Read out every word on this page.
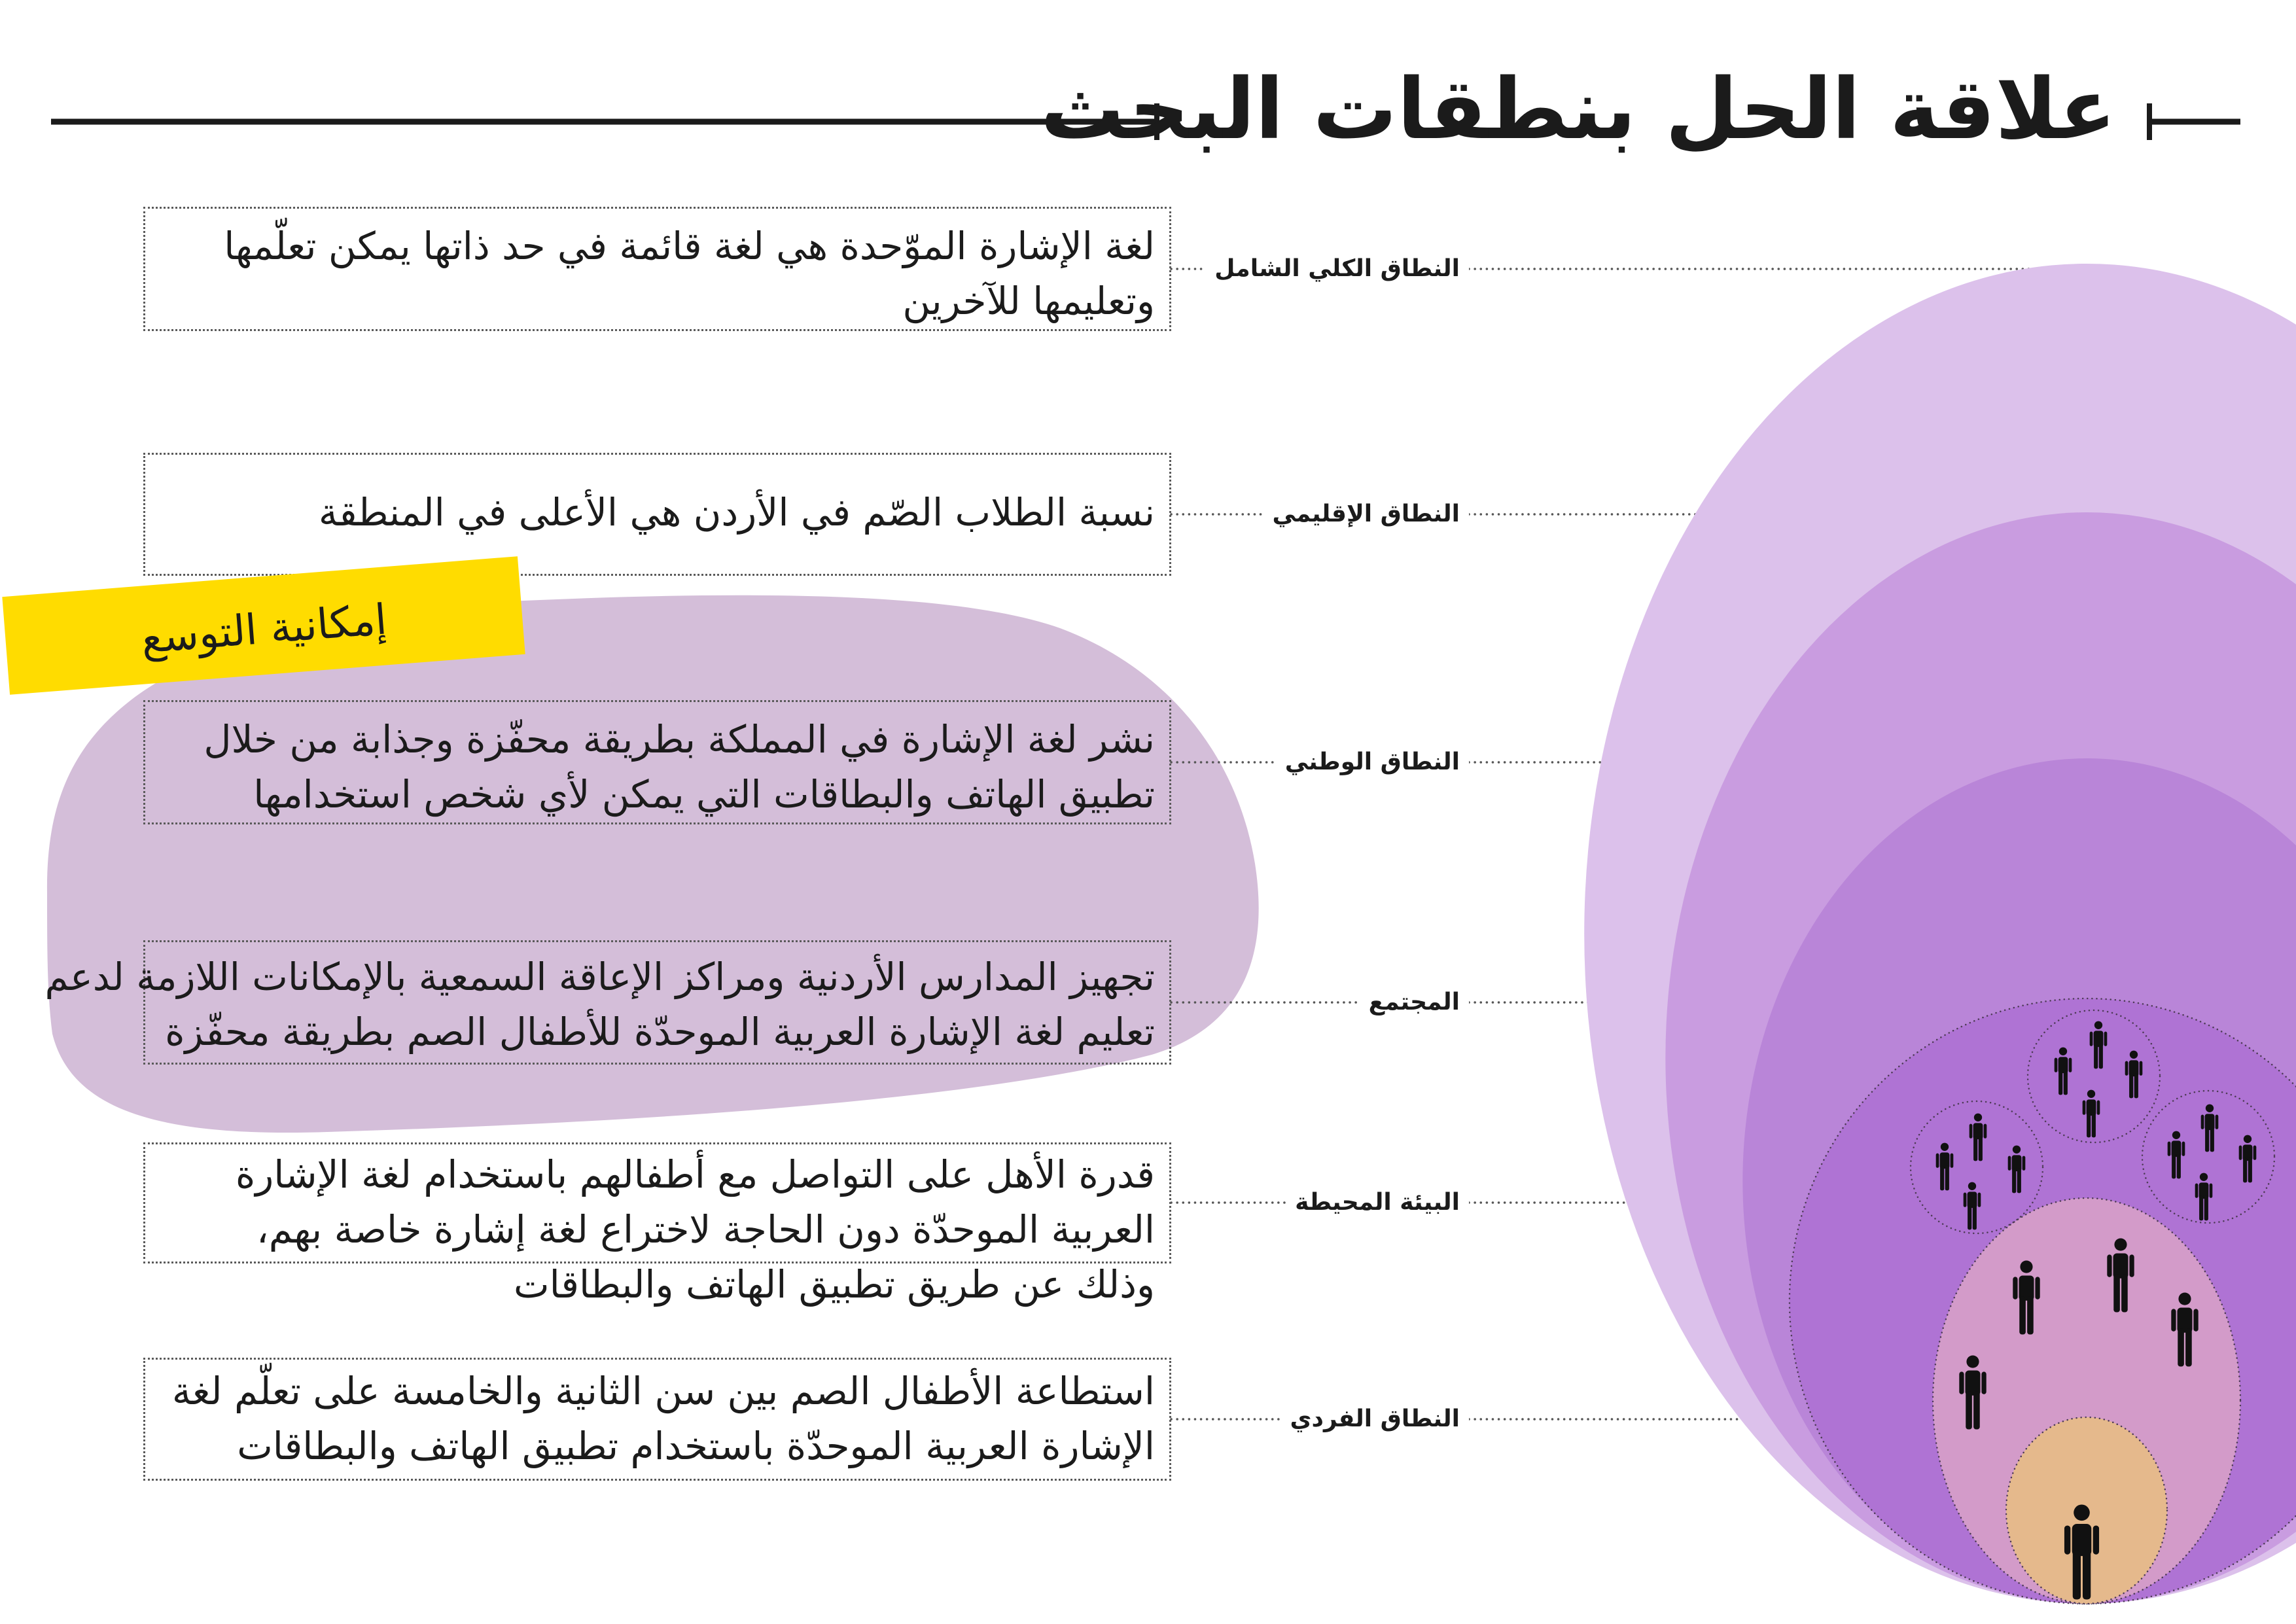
علاقة الحل بنطقات البحث
لغة الإشارة الموّحدة هي لغة قائمة في حد ذاتها يمكن تعلّمها
وتعليمها للآخرين
نسبة الطلاب الصّم في الأردن هي الأعلى في المنطقة
نشر لغة الإشارة في المملكة بطريقة محفّزة وجذابة من خلال
تطبيق الهاتف والبطاقات التي يمكن لأي شخص استخدامها
تجهيز المدارس الأردنية ومراكز الإعاقة السمعية بالإمكانات اللازمة لدعم
تعليم لغة الإشارة العربية الموحدّة للأطفال الصم بطريقة محفّزة
قدرة الأهل على التواصل مع أطفالهم باستخدام لغة الإشارة
العربية الموحدّة دون الحاجة لاختراع لغة إشارة خاصة بهم،
وذلك عن طريق تطبيق الهاتف والبطاقات
استطاعة الأطفال الصم بين سن الثانية والخامسة على تعلّم لغة
الإشارة العربية الموحدّة باستخدام تطبيق الهاتف والبطاقات
النطاق الكلي الشامل
النطاق الإقليمي
النطاق الوطني
المجتمع
البيئة المحيطة
النطاق الفردي
إمكانية التوسع
